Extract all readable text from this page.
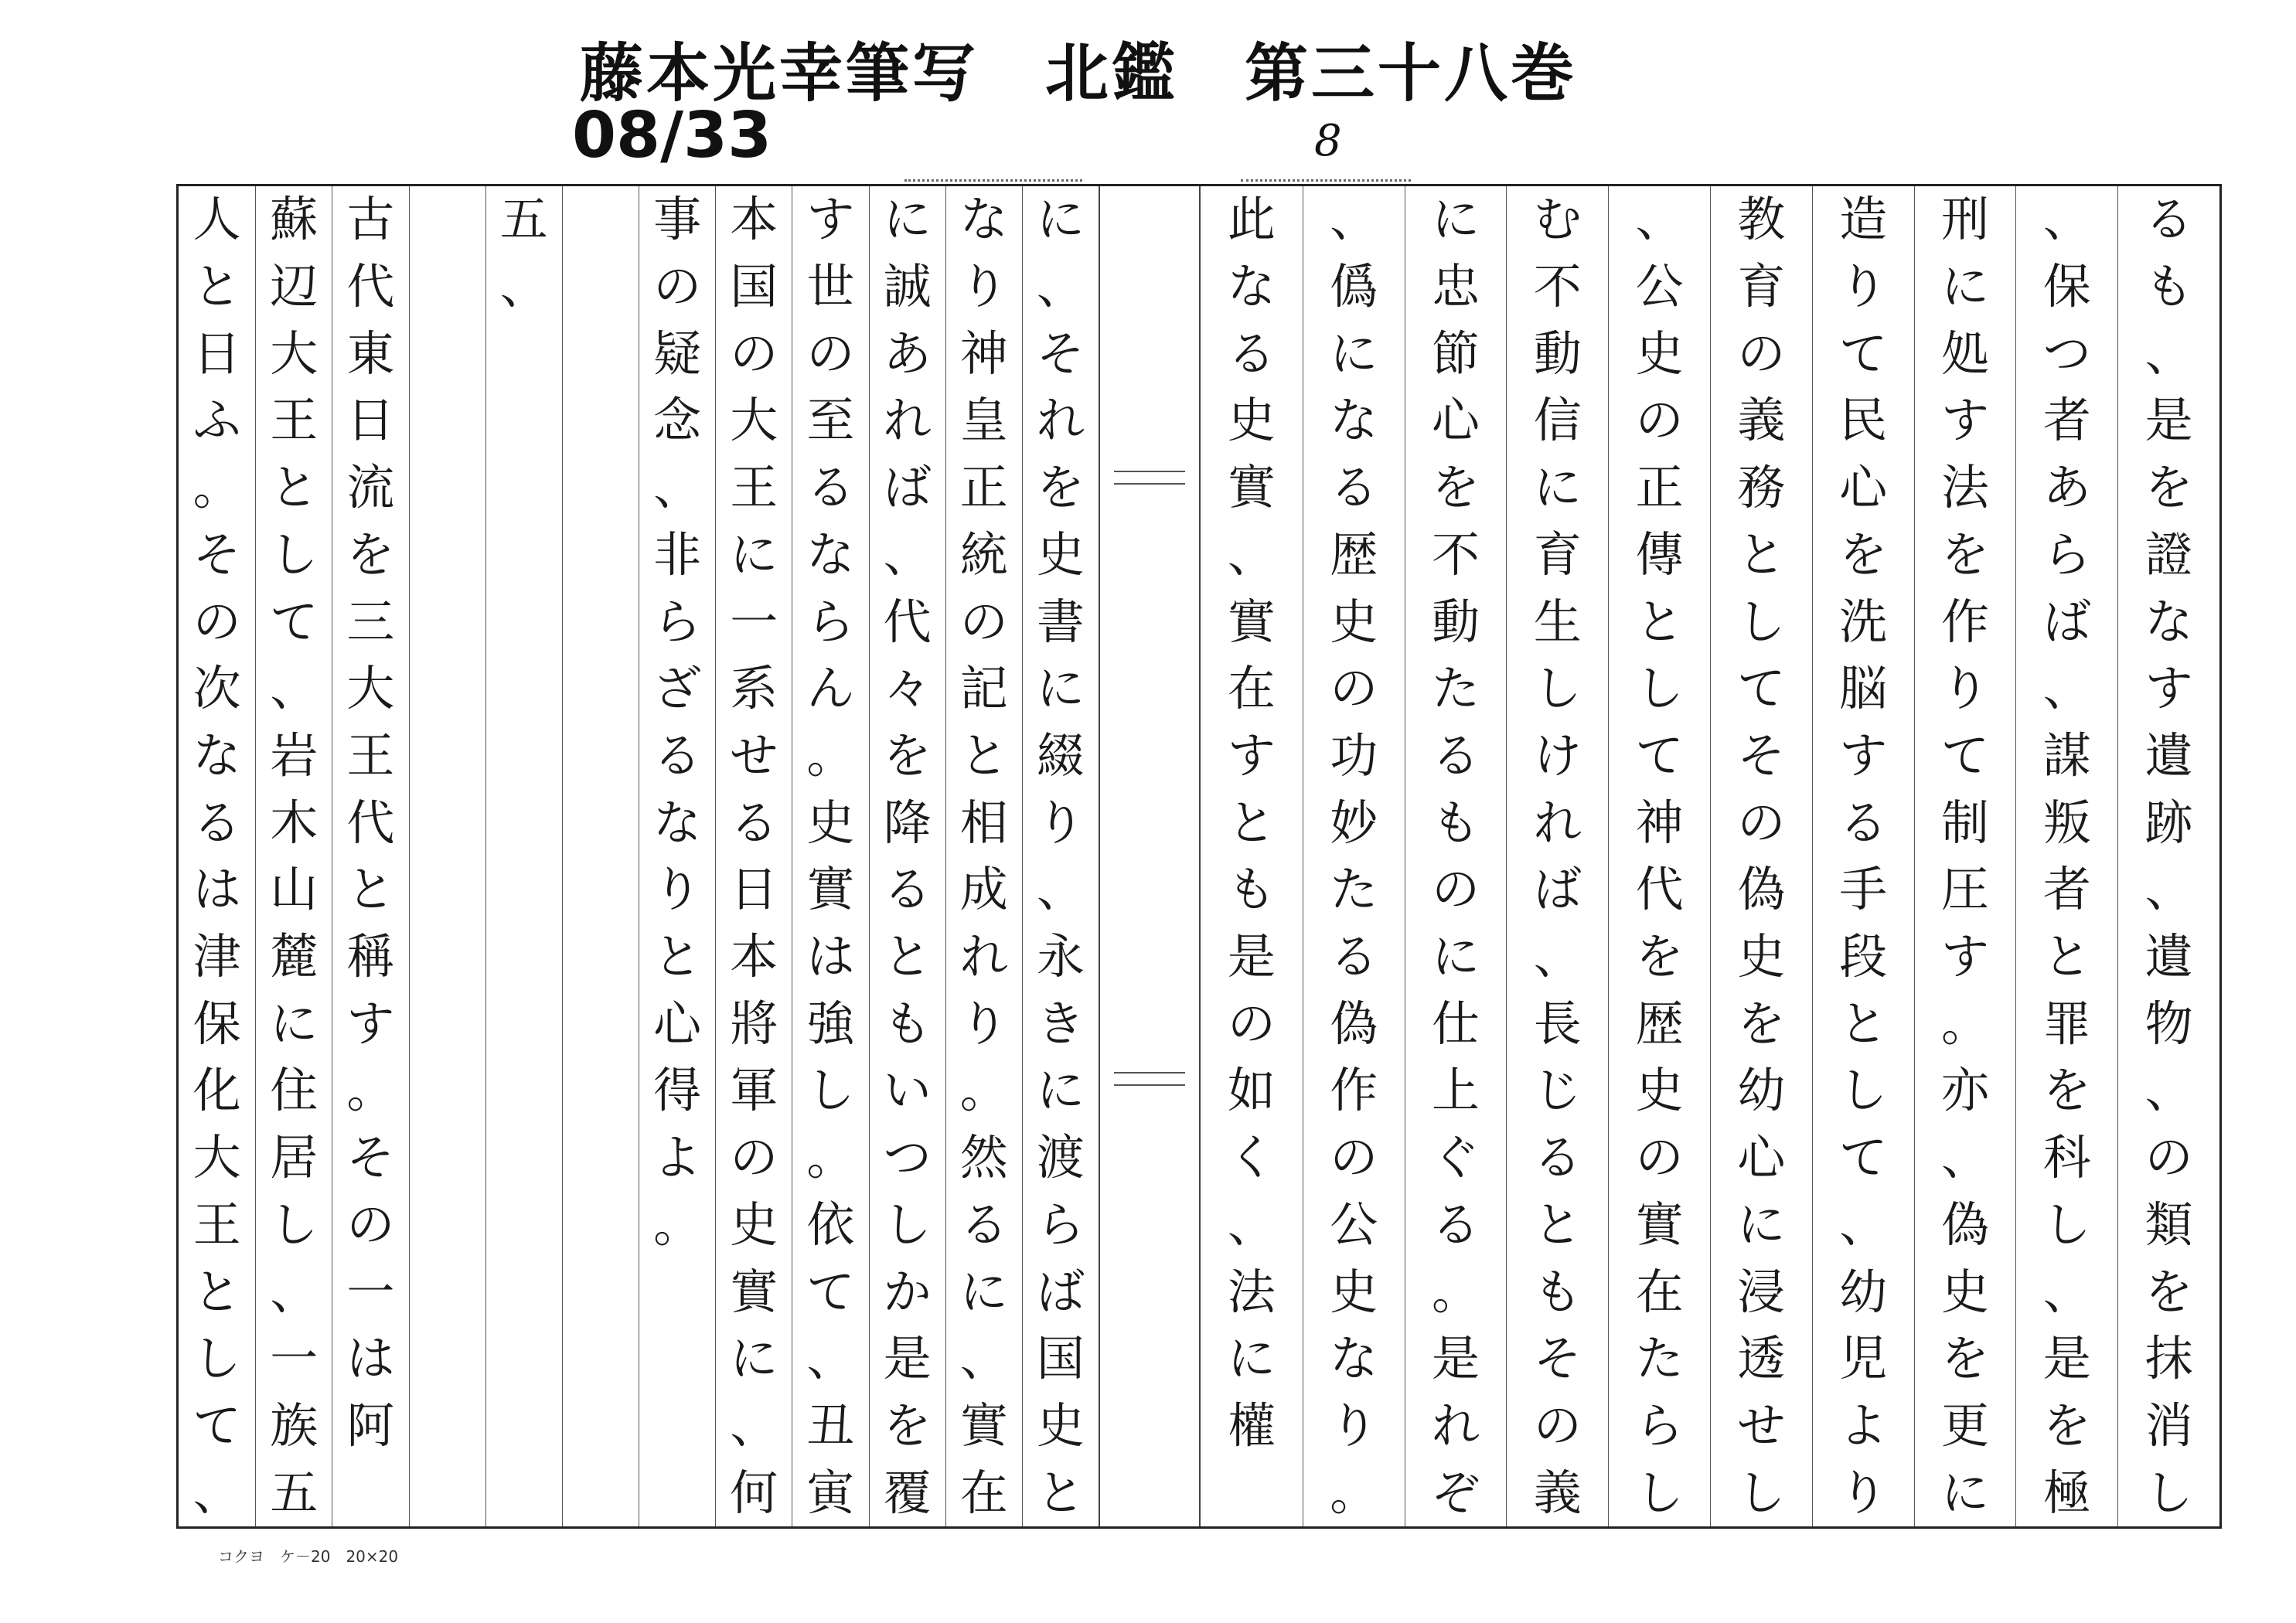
藤本光幸筆写　北鑑　第三十八巻
08/33	8
に
、
そ
れ
を
史
書
に
綴
り
、
永
き
に
渡
ら
ば
国
史
と
な
り
神
皇
正
統
の
記
と
相
成
れ
り
。
然
る
に
、
實
在
に
誠
あ
れ
ば
、
代
々
を
降
る
と
も
い
つ
し
か
是
を
覆
す
世
の
至
る
な
ら
ん
。
史
實
は
強
し
。
依
て
、
丑
寅
本
国
の
大
王
に
一
系
せ
る
日
本
將
軍
の
史
實
に
、
何
事
の
疑
念
、
非
ら
ざ
る
な
り
と
心
得
よ
。
五
、
古
代
東
日
流
を
三
大
王
代
と
稱
す
。
そ
の
一
は
阿
蘇
辺
大
王
と
し
て
、
岩
木
山
麓
に
住
居
し
、
一
族
五
人
と
日
ふ
。
そ
の
次
な
る
は
津
保
化
大
王
と
し
て
、
る
も
、
是
を
證
な
す
遺
跡
、
遺
物
、
の
類
を
抹
消
し
、
保
つ
者
あ
ら
ば
、
謀
叛
者
と
罪
を
科
し
、
是
を
極
刑
に
処
す
法
を
作
り
て
制
圧
す
。
亦
、
偽
史
を
更
に
造
り
て
民
心
を
洗
脳
す
る
手
段
と
し
て
、
幼
児
よ
り
教
育
の
義
務
と
し
て
そ
の
偽
史
を
幼
心
に
浸
透
せ
し
、
公
史
の
正
傳
と
し
て
神
代
を
歴
史
の
實
在
た
ら
し
む
不
動
信
に
育
生
し
け
れ
ば
、
長
じ
る
と
も
そ
の
義
に
忠
節
心
を
不
動
た
る
も
の
に
仕
上
ぐ
る
。
是
れ
ぞ
、
僞
に
な
る
歴
史
の
功
妙
た
る
偽
作
の
公
史
な
り
。
此
な
る
史
實
、
實
在
す
と
も
是
の
如
く
、
法
に
權
コクヨ　ケ－20　20×20
